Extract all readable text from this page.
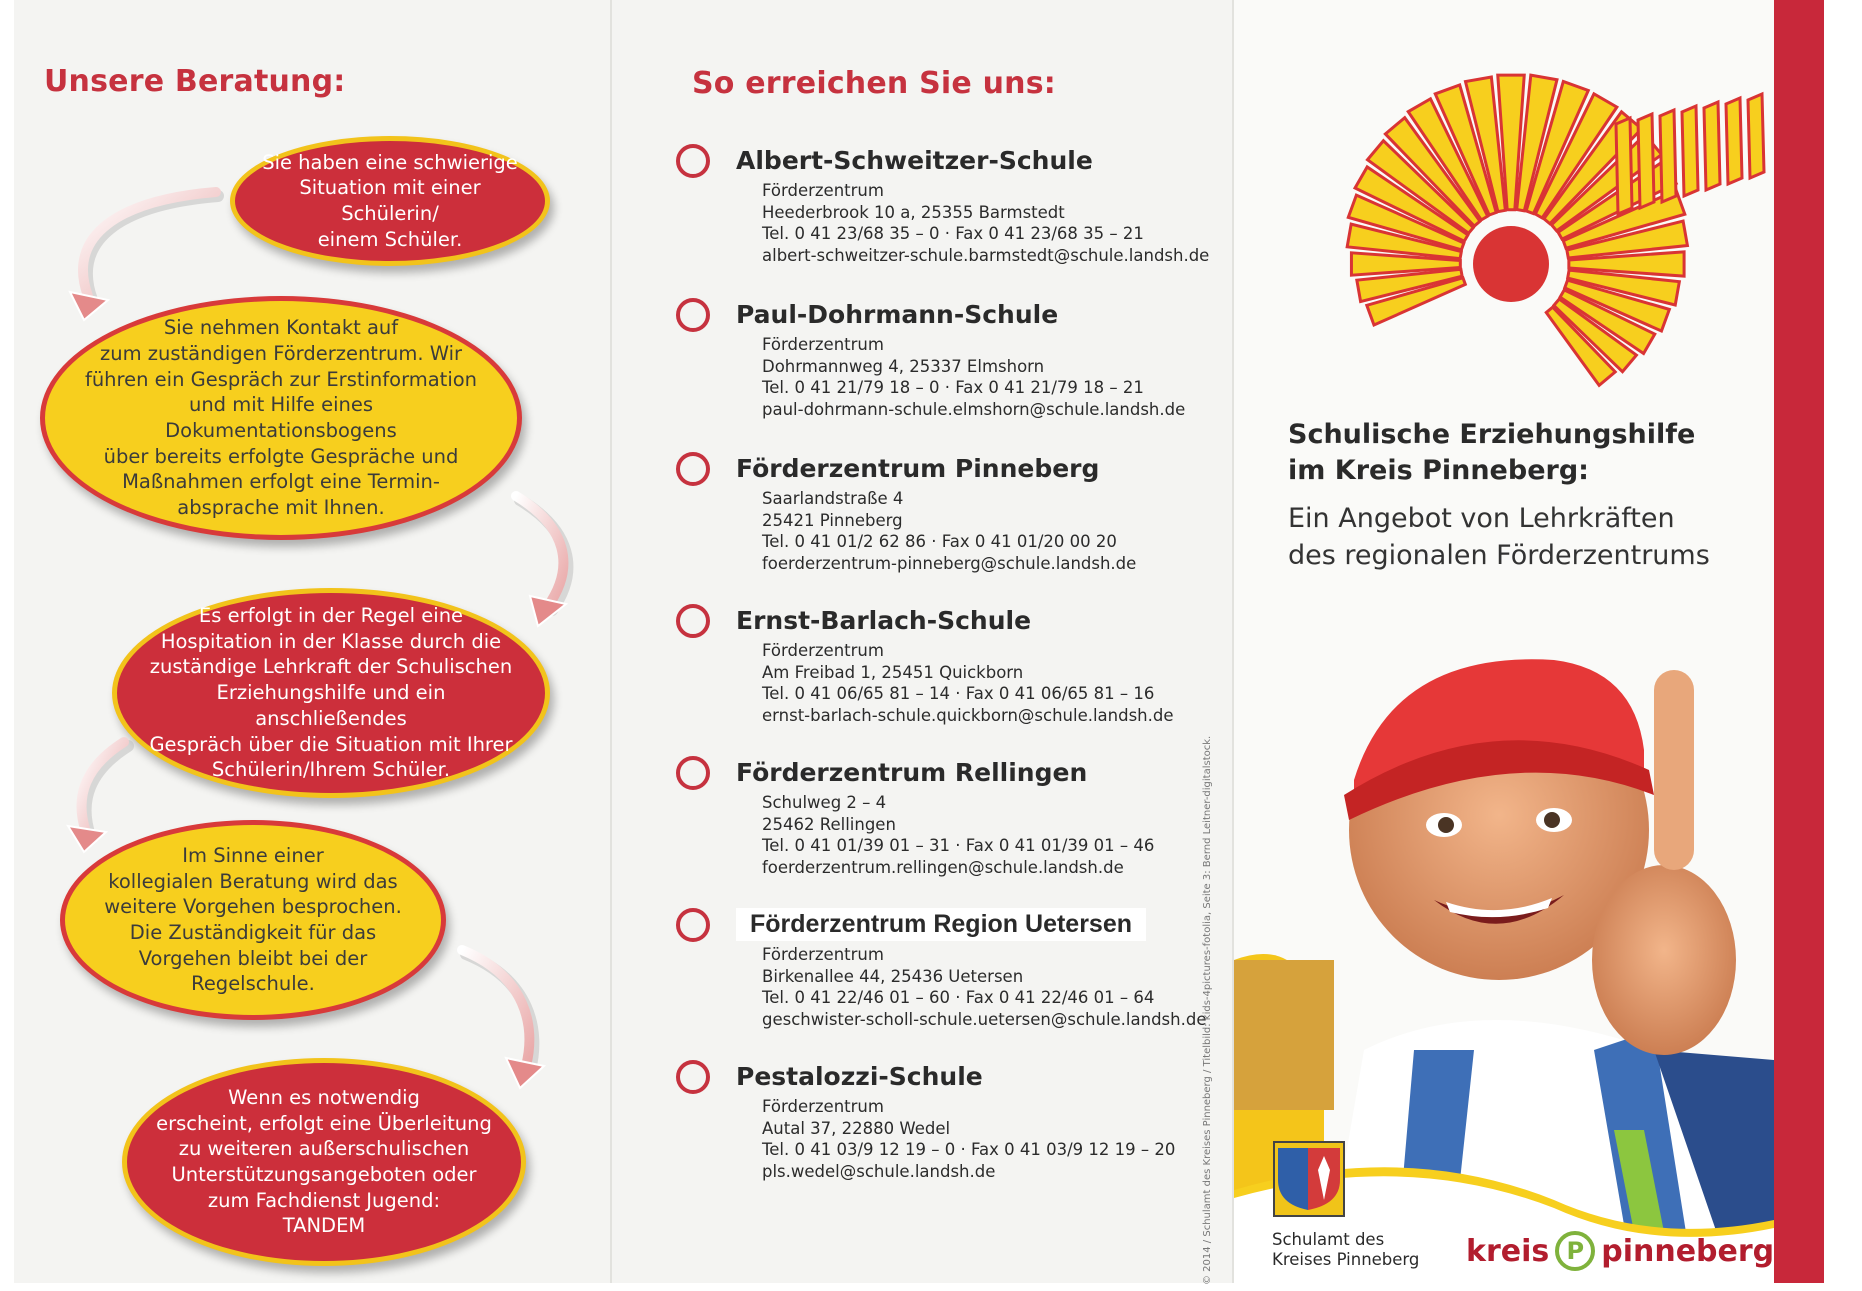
Unsere Beratung:
Sie haben eine schwierige
Situation mit einer Schülerin/
einem Schüler.
Sie nehmen Kontakt auf
zum zuständigen Förderzentrum. Wir
führen ein Gespräch zur Erstinformation
und mit Hilfe eines Dokumentationsbogens
über bereits erfolgte Gespräche und
Maßnahmen erfolgt eine Termin-
absprache mit Ihnen.
Es erfolgt in der Regel eine
Hospitation in der Klasse durch die
zuständige Lehrkraft der Schulischen
Erziehungshilfe und ein anschließendes
Gespräch über die Situation mit Ihrer
Schülerin/Ihrem Schüler.
Im Sinne einer
kollegialen Beratung wird das
weitere Vorgehen besprochen.
Die Zuständigkeit für das
Vorgehen bleibt bei der
Regelschule.
Wenn es notwendig
erscheint, erfolgt eine Überleitung
zu weiteren außerschulischen
Unterstützungsangeboten oder
zum Fachdienst Jugend:
TANDEM
So erreichen Sie uns:
Albert-Schweitzer-Schule
Förderzentrum
Heederbrook 10 a, 25355 Barmstedt
Tel. 0 41 23/68 35 – 0 · Fax 0 41 23/68 35 – 21
albert-schweitzer-schule.barmstedt@schule.landsh.de
Paul-Dohrmann-Schule
Förderzentrum
Dohrmannweg 4, 25337 Elmshorn
Tel. 0 41 21/79 18 – 0 · Fax 0 41 21/79 18 – 21
paul-dohrmann-schule.elmshorn@schule.landsh.de
Förderzentrum Pinneberg
Saarlandstraße 4
25421 Pinneberg
Tel. 0 41 01/2 62 86 · Fax 0 41 01/20 00 20
foerderzentrum-pinneberg@schule.landsh.de
Ernst-Barlach-Schule
Förderzentrum
Am Freibad 1, 25451 Quickborn
Tel. 0 41 06/65 81 – 14 · Fax 0 41 06/65 81 – 16
ernst-barlach-schule.quickborn@schule.landsh.de
Förderzentrum Rellingen
Schulweg 2 – 4
25462 Rellingen
Tel. 0 41 01/39 01 – 31 · Fax 0 41 01/39 01 – 46
foerderzentrum.rellingen@schule.landsh.de
Förderzentrum Region Uetersen
Förderzentrum
Birkenallee 44, 25436 Uetersen
Tel. 0 41 22/46 01 – 60 · Fax 0 41 22/46 01 – 64
geschwister-scholl-schule.uetersen@schule.landsh.de
Pestalozzi-Schule
Förderzentrum
Autal 37, 22880 Wedel
Tel. 0 41 03/9 12 19 – 0 · Fax 0 41 03/9 12 19 – 20
pls.wedel@schule.landsh.de	© 2014 / Schulamt des Kreises Pinneberg / Titelbild: kids-4pictures-fotolia, Seite 3: Bernd Leitner-digitalstock.
Schulische Erziehungshilfe
im Kreis Pinneberg:
Ein Angebot von Lehrkräften
des regionalen Förderzentrums
Schulamt des
Kreises Pinneberg kreis P pinneberg
Schulische Erziehungshilfe im Kreis Pinneberg
